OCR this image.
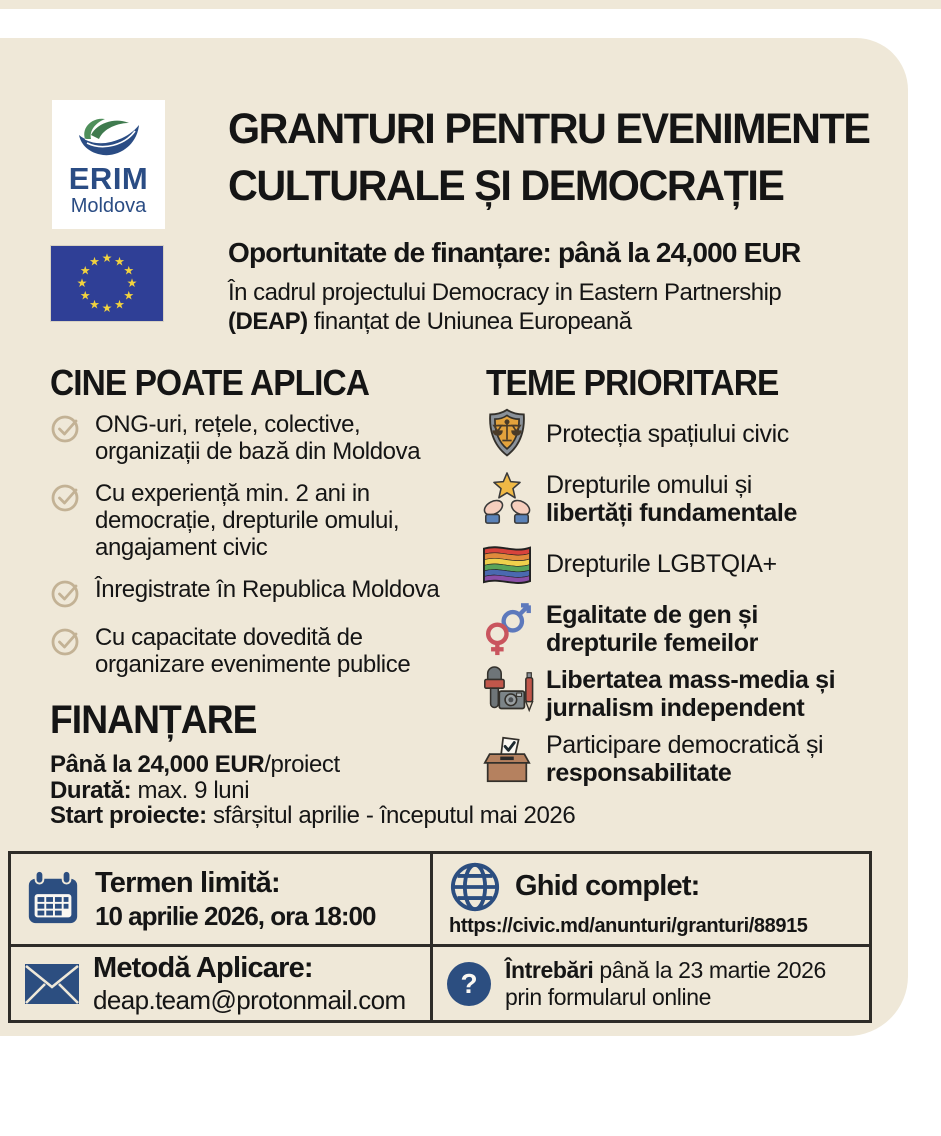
ERIM
Moldova
★ ★
★
★
★
★
★
★
★
★
★
★
GRANTURI PENTRU EVENIMENTE
CULTURALE ȘI DEMOCRAȚIE
Oportunitate de finanțare: până la 24,000 EUR
În cadrul projectului Democracy in Eastern Partnership
(DEAP) finanțat de Uniunea Europeană
CINE POATE APLICA
ONG-uri, rețele, colective,
organizații de bază din Moldova
Cu experiență min. 2 ani in
democrație, drepturile omului,
angajament civic
Înregistrate în Republica Moldova
Cu capacitate dovedită de
organizare evenimente publice
TEME PRIORITARE
Protecția spațiului civic
Drepturile omului și
libertăți fundamentale
Drepturile LGBTQIA+
Egalitate de gen și
drepturile femeilor
Libertatea mass-media și
jurnalism independent
Participare democratică și
responsabilitate
FINANȚARE
Până la 24,000 EUR/proiect
Durată: max. 9 luni
Start proiecte: sfârșitul aprilie - începutul mai 2026
Termen limită:
10 aprilie 2026, ora 18:00
Ghid complet:
https://civic.md/anunturi/granturi/88915
Metodă Aplicare:
deap.team@protonmail.com
? Întrebări până la 23 martie 2026
prin formularul online
